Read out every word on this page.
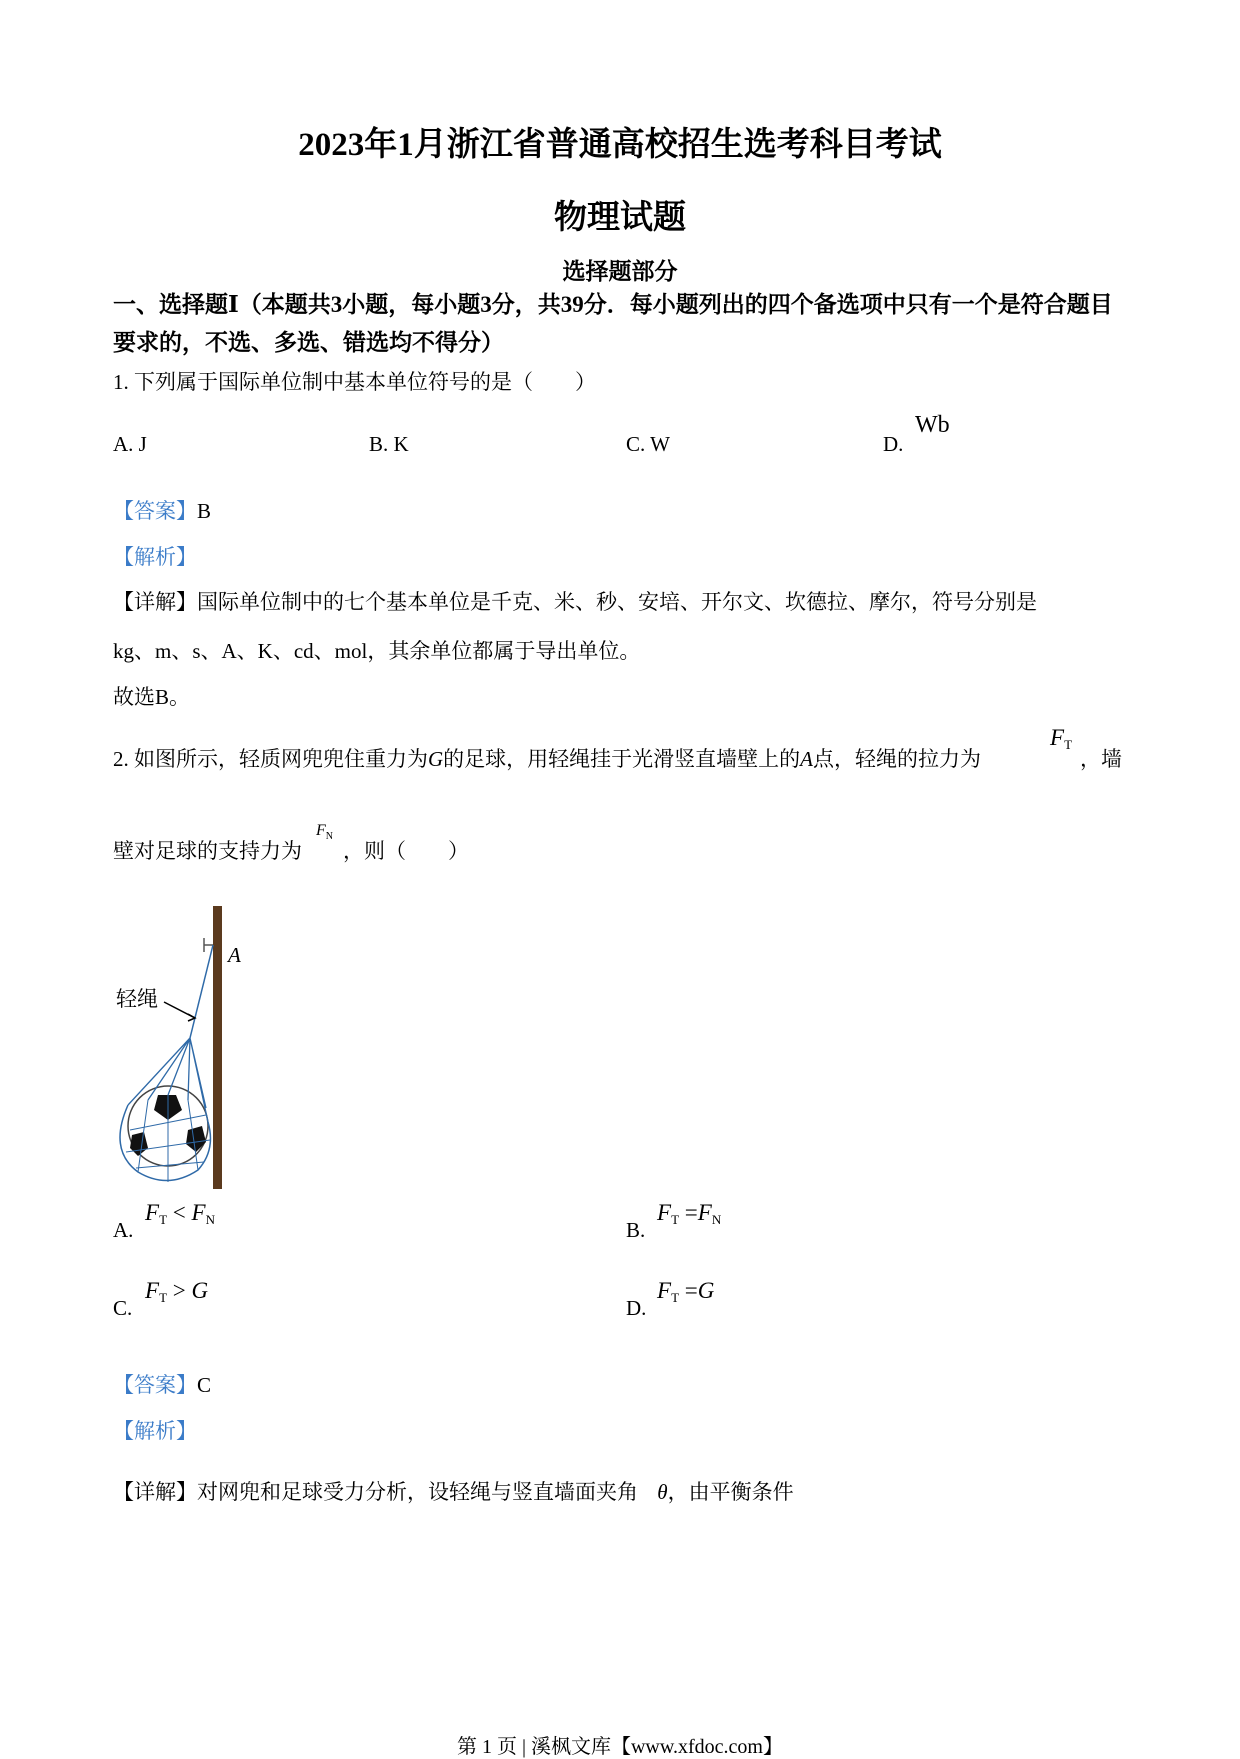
2023年1月浙江省普通高校招生选考科目考试
物理试题
选择题部分
一、选择题Ⅰ（本题共3小题，每小题3分，共39分．每小题列出的四个备选项中只有一个是符合题目要求的，不选、多选、错选均不得分）
1. 下列属于国际单位制中基本单位符号的是（　　）
A. J	B. K	C. W	D.
Wb
【答案】B
【解析】
【详解】国际单位制中的七个基本单位是千克、米、秒、安培、开尔文、坎德拉、摩尔，符号分别是
kg、m、s、A、K、cd、mol，其余单位都属于导出单位。
故选B。
2. 如图所示，轻质网兜兜住重力为G的足球，用轻绳挂于光滑竖直墙壁上的A点，轻绳的拉力为
$F_T$
，墙
壁对足球的支持力为
$F_N$
，则（　　）
A
轻绳
A.
$F_T < F_N$	B.
$F_T =F_N$
C.
$F_T > G$
D.
$F_T =G$
【答案】C
【解析】
【详解】对网兜和足球受力分析，设轻绳与竖直墙面夹角 θ，由平衡条件
第 1 页 | 溪枫文库【www.xfdoc.com】
